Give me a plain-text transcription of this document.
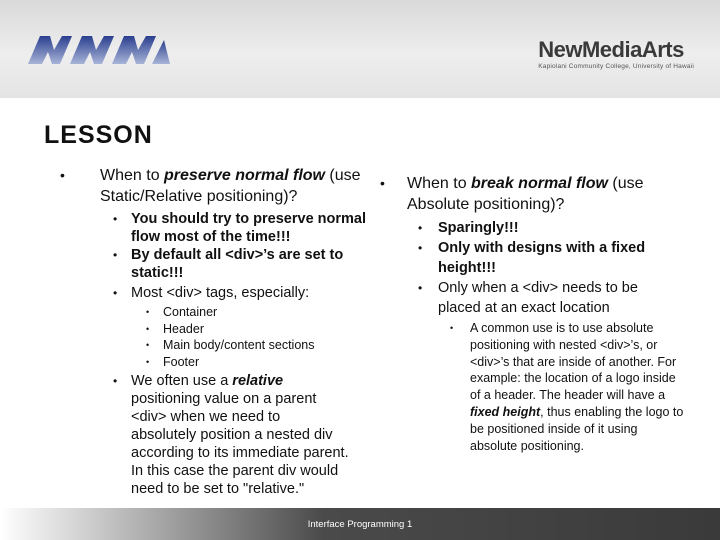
NewMediaArts
Kapiolani Community College, University of Hawaii
LESSON
• When to preserve normal flow (use Static/Relative positioning)?
• You should try to preserve normal flow most of the time!!!
• By default all <div>’s are set to static!!!
• Most <div> tags, especially:
• Container
• Header
• Main body/content sections
• Footer
• We often use a relative positioning value on a parent <div> when we need to absolutely position a nested div according to its immediate parent. In this case the parent div would need to be set to "relative."
• When to break normal flow (use Absolute positioning)?
• Sparingly!!!
• Only with designs with a fixed height!!!
• Only when a <div> needs to be placed at an exact location
• A common use is to use absolute positioning with nested <div>’s, or <div>’s that are inside of another. For example: the location of a logo inside of a header. The header will have a fixed height, thus enabling the logo to be positioned inside of it using absolute positioning.
Interface Programming 1
